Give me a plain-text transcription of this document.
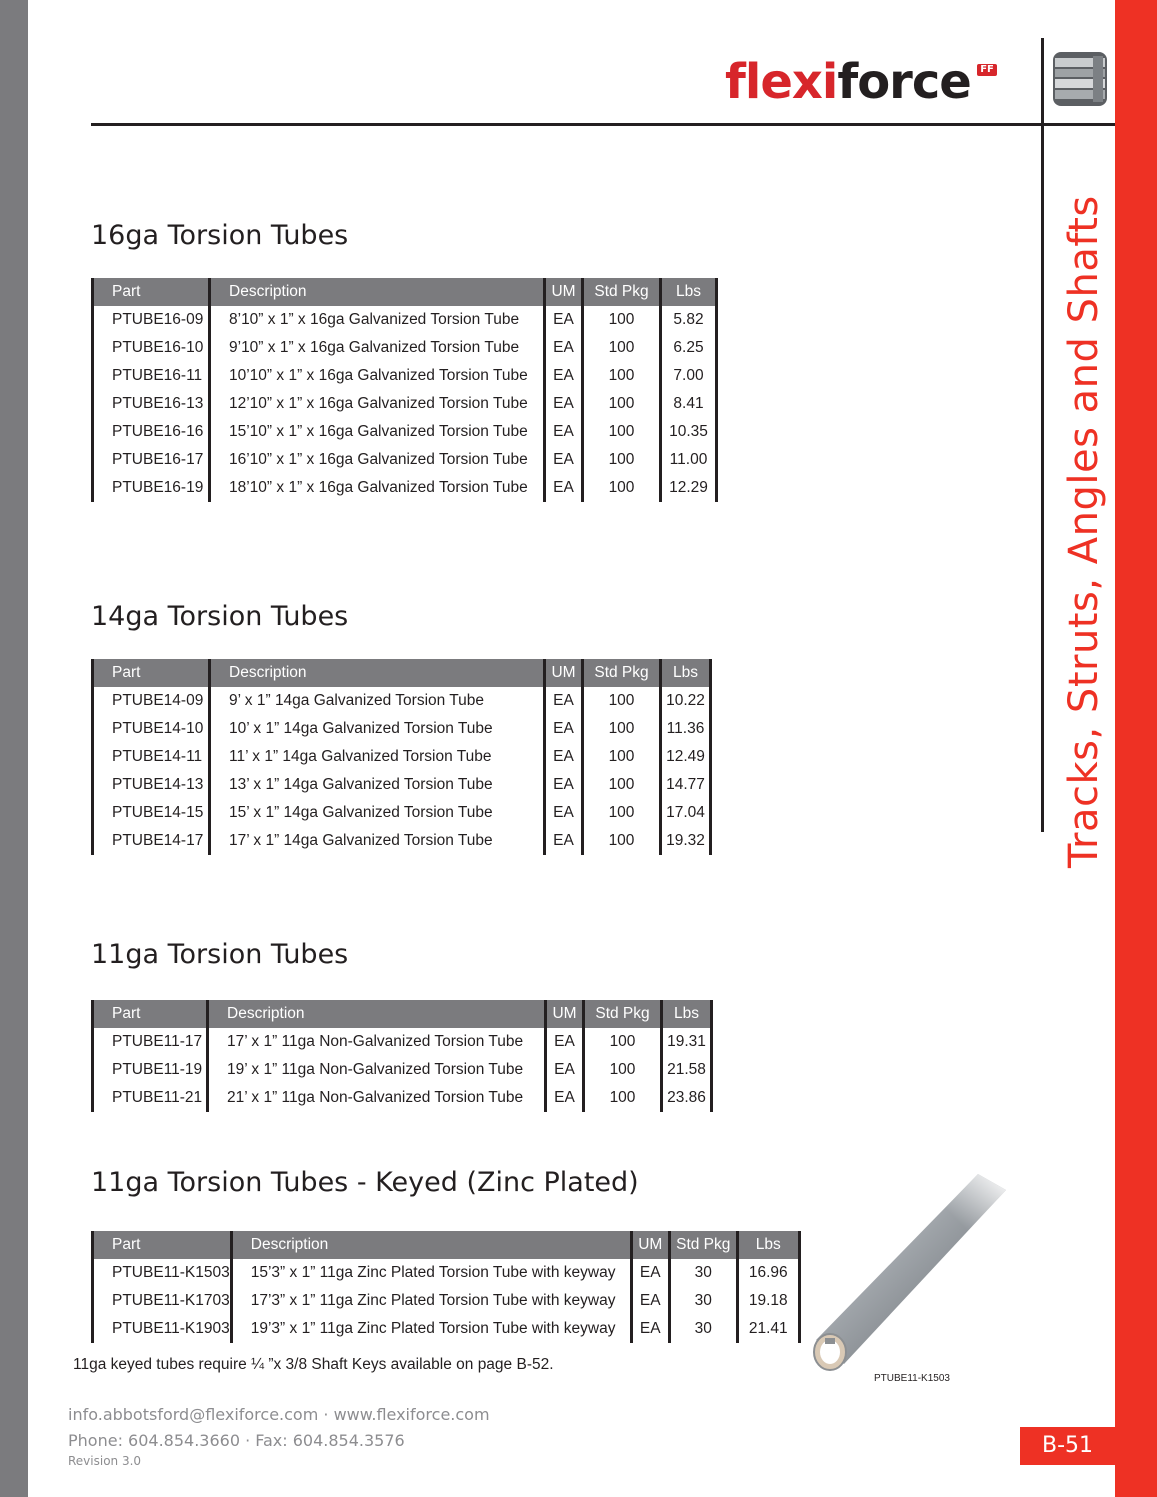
flexiforce FF
Tracks, Struts, Angles and Shafts
16ga Torsion Tubes
Part	Description	UM	Std Pkg	Lbs
PTUBE16-09	8’10” x 1” x 16ga Galvanized Torsion Tube	EA	100	5.82
PTUBE16-10	9’10” x 1” x 16ga Galvanized Torsion Tube	EA	100	6.25
PTUBE16-11	10’10” x 1” x 16ga Galvanized Torsion Tube	EA	100	7.00
PTUBE16-13	12’10” x 1” x 16ga Galvanized Torsion Tube	EA	100	8.41
PTUBE16-16	15’10” x 1” x 16ga Galvanized Torsion Tube	EA	100	10.35
PTUBE16-17	16’10” x 1” x 16ga Galvanized Torsion Tube	EA	100	11.00
PTUBE16-19	18’10” x 1” x 16ga Galvanized Torsion Tube	EA	100	12.29
14ga Torsion Tubes
Part	Description	UM	Std Pkg	Lbs
PTUBE14-09	9’ x 1” 14ga Galvanized Torsion Tube	EA	100	10.22
PTUBE14-10	10’ x 1” 14ga Galvanized Torsion Tube	EA	100	11.36
PTUBE14-11	11’ x 1” 14ga Galvanized Torsion Tube	EA	100	12.49
PTUBE14-13	13’ x 1” 14ga Galvanized Torsion Tube	EA	100	14.77
PTUBE14-15	15’ x 1” 14ga Galvanized Torsion Tube	EA	100	17.04
PTUBE14-17	17’ x 1” 14ga Galvanized Torsion Tube	EA	100	19.32
11ga Torsion Tubes
Part	Description	UM	Std Pkg	Lbs
PTUBE11-17	17’ x 1” 11ga Non-Galvanized Torsion Tube	EA	100	19.31
PTUBE11-19	19’ x 1” 11ga Non-Galvanized Torsion Tube	EA	100	21.58
PTUBE11-21	21’ x 1” 11ga Non-Galvanized Torsion Tube	EA	100	23.86
11ga Torsion Tubes - Keyed (Zinc Plated)
Part	Description	UM	Std Pkg	Lbs
PTUBE11-K1503	15’3” x 1” 11ga Zinc Plated Torsion Tube with keyway	EA	30	16.96
PTUBE11-K1703	17’3” x 1” 11ga Zinc Plated Torsion Tube with keyway	EA	30	19.18
PTUBE11-K1903	19’3” x 1” 11ga Zinc Plated Torsion Tube with keyway	EA	30	21.41
11ga keyed tubes require ¼ ”x 3/8 Shaft Keys available on page B-52.
PTUBE11-K1503
info.abbotsford@flexiforce.com · www.flexiforce.com
Phone: 604.854.3660 · Fax: 604.854.3576
Revision 3.0
B-51
